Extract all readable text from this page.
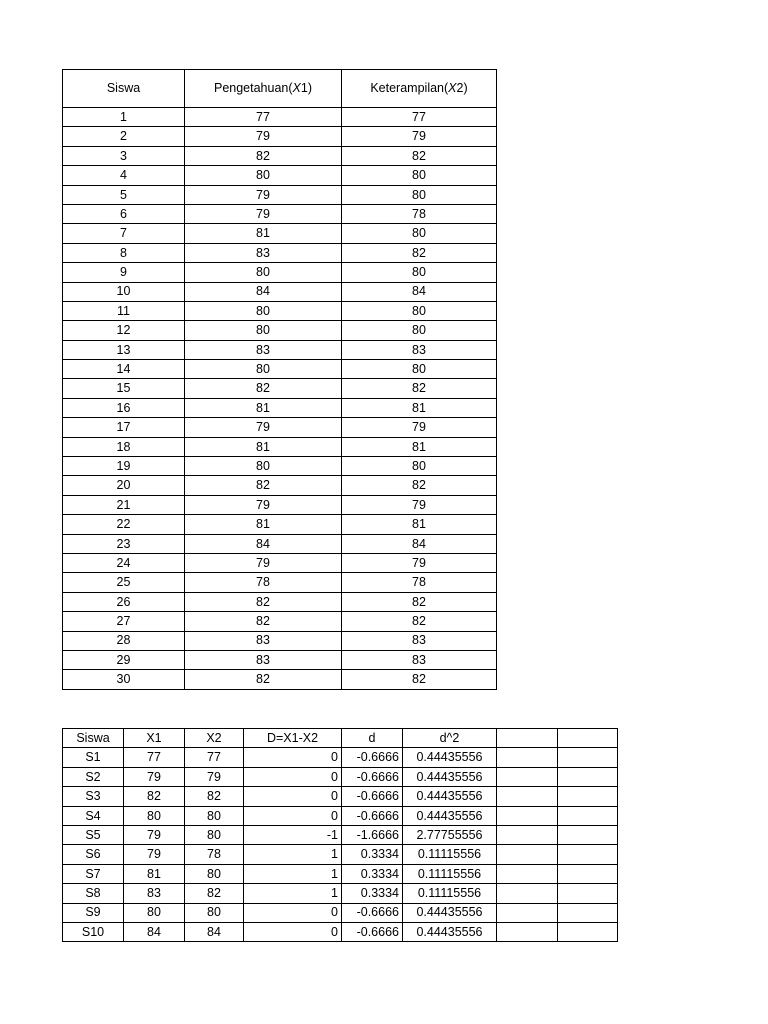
Siswa	Pengetahuan(X1)	Keterampilan(X2)
1	77	77
2	79	79
3	82	82
4	80	80
5	79	80
6	79	78
7	81	80
8	83	82
9	80	80
10	84	84
11	80	80
12	80	80
13	83	83
14	80	80
15	82	82
16	81	81
17	79	79
18	81	81
19	80	80
20	82	82
21	79	79
22	81	81
23	84	84
24	79	79
25	78	78
26	82	82
27	82	82
28	83	83
29	83	83
30	82	82
Siswa	X1	X2	D=X1-X2	d	d^2		
S1	77	77	0	-0.6666	0.44435556		
S2	79	79	0	-0.6666	0.44435556		
S3	82	82	0	-0.6666	0.44435556		
S4	80	80	0	-0.6666	0.44435556		
S5	79	80	-1	-1.6666	2.77755556		
S6	79	78	1	0.3334	0.11115556		
S7	81	80	1	0.3334	0.11115556		
S8	83	82	1	0.3334	0.11115556		
S9	80	80	0	-0.6666	0.44435556		
S10	84	84	0	-0.6666	0.44435556		
